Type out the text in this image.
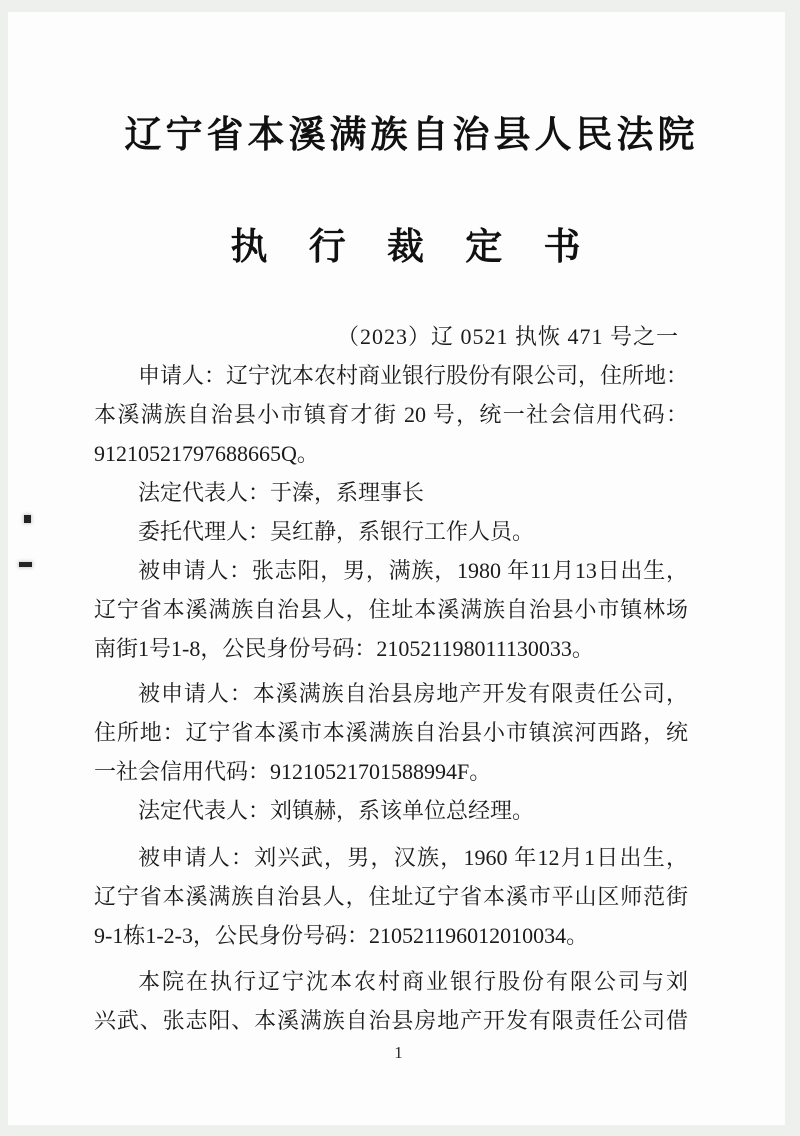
辽宁省本溪满族自治县人民法院
执 行 裁 定 书
（2023）辽 0521 执恢 471 号之一
申请人：辽宁沈本农村商业银行股份有限公司，住所地：
本溪满族自治县小市镇育才街 20 号，统一社会信用代码：
91210521797688665Q。
法定代表人：于溱，系理事长
委托代理人：吴红静，系银行工作人员。
被申请人：张志阳，男，满族，1980 年11月13日出生，
辽宁省本溪满族自治县人，住址本溪满族自治县小市镇林场
南街1号1-8，公民身份号码：210521198011130033。
被申请人：本溪满族自治县房地产开发有限责任公司，
住所地：辽宁省本溪市本溪满族自治县小市镇滨河西路，统
一社会信用代码：91210521701588994F。
法定代表人：刘镇赫，系该单位总经理。
被申请人：刘兴武，男，汉族，1960 年12月1日出生，
辽宁省本溪满族自治县人，住址辽宁省本溪市平山区师范街
9-1栋1-2-3，公民身份号码：210521196012010034。
本院在执行辽宁沈本农村商业银行股份有限公司与刘
兴武、张志阳、本溪满族自治县房地产开发有限责任公司借
1
